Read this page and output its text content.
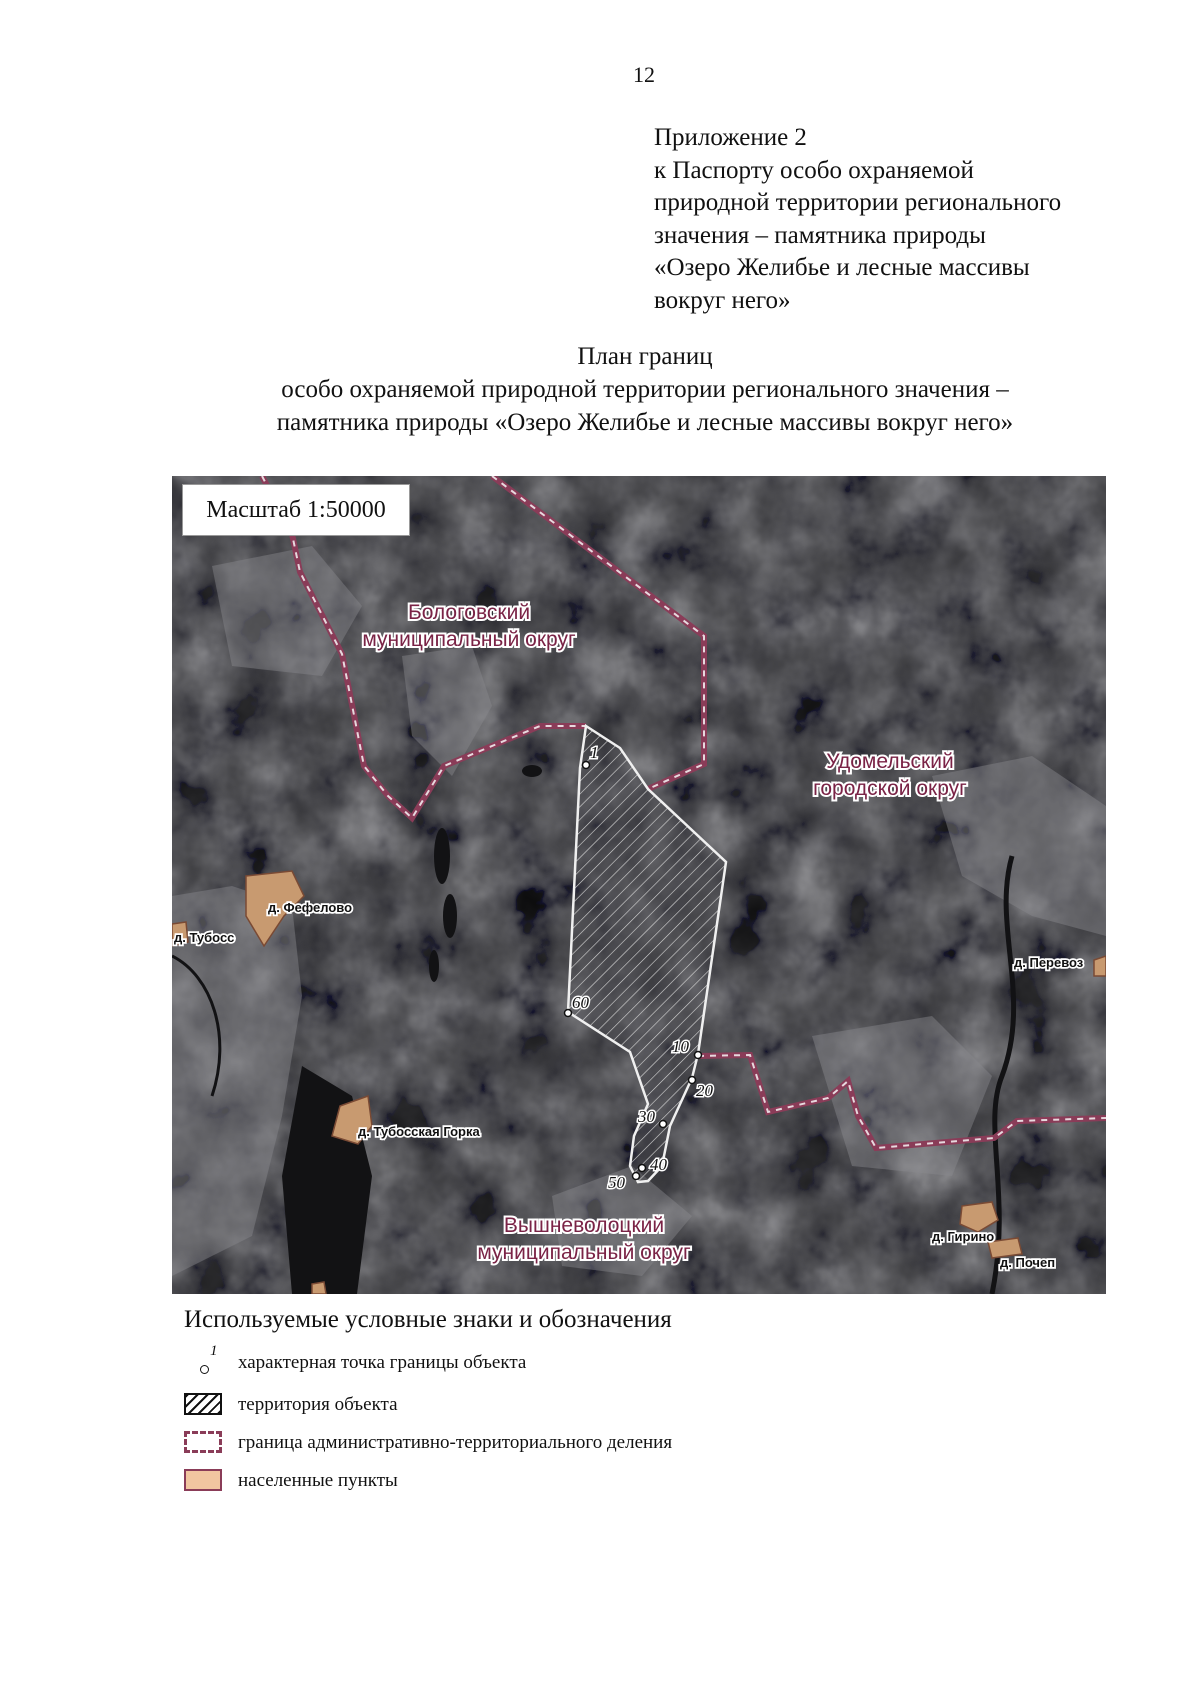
12
Приложение 2
к Паспорту особо охраняемой
природной территории регионального
значения – памятника природы
«Озеро Желибье и лесные массивы
вокруг него»
План границ
особо охраняемой природной территории регионального значения –
памятника природы «Озеро Желибье и лесные массивы вокруг него»
1
10
20
30
40
50
60
д. Фефелово
д. Тубосс
д. Тубосская Горка
д. Перевоз
д. Гирино
д. Почеп
Бологовский
муниципальный округ
Удомельский
городской округ
Вышневолоцкий
муниципальный округ
Масштаб 1:50000
Используемые условные знаки и обозначения
1
характерная точка границы объекта
территория объекта
граница административно-территориального деления
населенные пункты
